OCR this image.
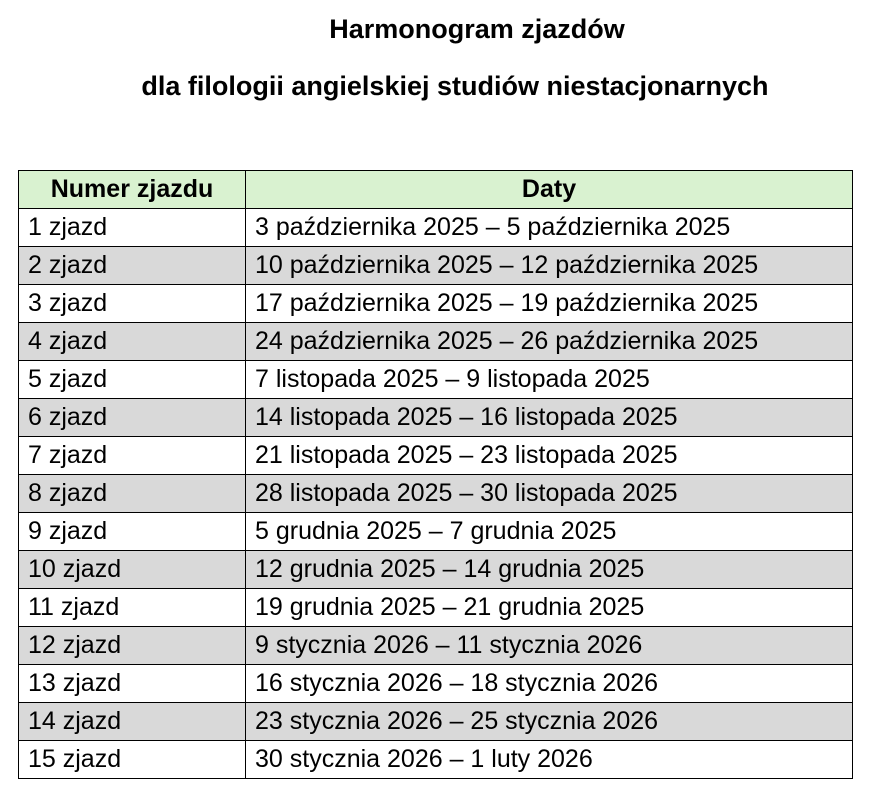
Harmonogram zjazdów
dla filologii angielskiej studiów niestacjonarnych
Numer zjazdu	Daty
1 zjazd	3 października 2025 – 5 października 2025
2 zjazd	10 października 2025 – 12 października 2025
3 zjazd	17 października 2025 – 19 października 2025
4 zjazd	24 października 2025 – 26 października 2025
5 zjazd	7 listopada 2025 – 9 listopada 2025
6 zjazd	14 listopada 2025 – 16 listopada 2025
7 zjazd	21 listopada 2025 – 23 listopada 2025
8 zjazd	28 listopada 2025 – 30 listopada 2025
9 zjazd	5 grudnia 2025 – 7 grudnia 2025
10 zjazd	12 grudnia 2025 – 14 grudnia 2025
11 zjazd	19 grudnia 2025 – 21 grudnia 2025
12 zjazd	9 stycznia 2026 – 11 stycznia 2026
13 zjazd	16 stycznia 2026 – 18 stycznia 2026
14 zjazd	23 stycznia 2026 – 25 stycznia 2026
15 zjazd	30 stycznia 2026 – 1 luty 2026
